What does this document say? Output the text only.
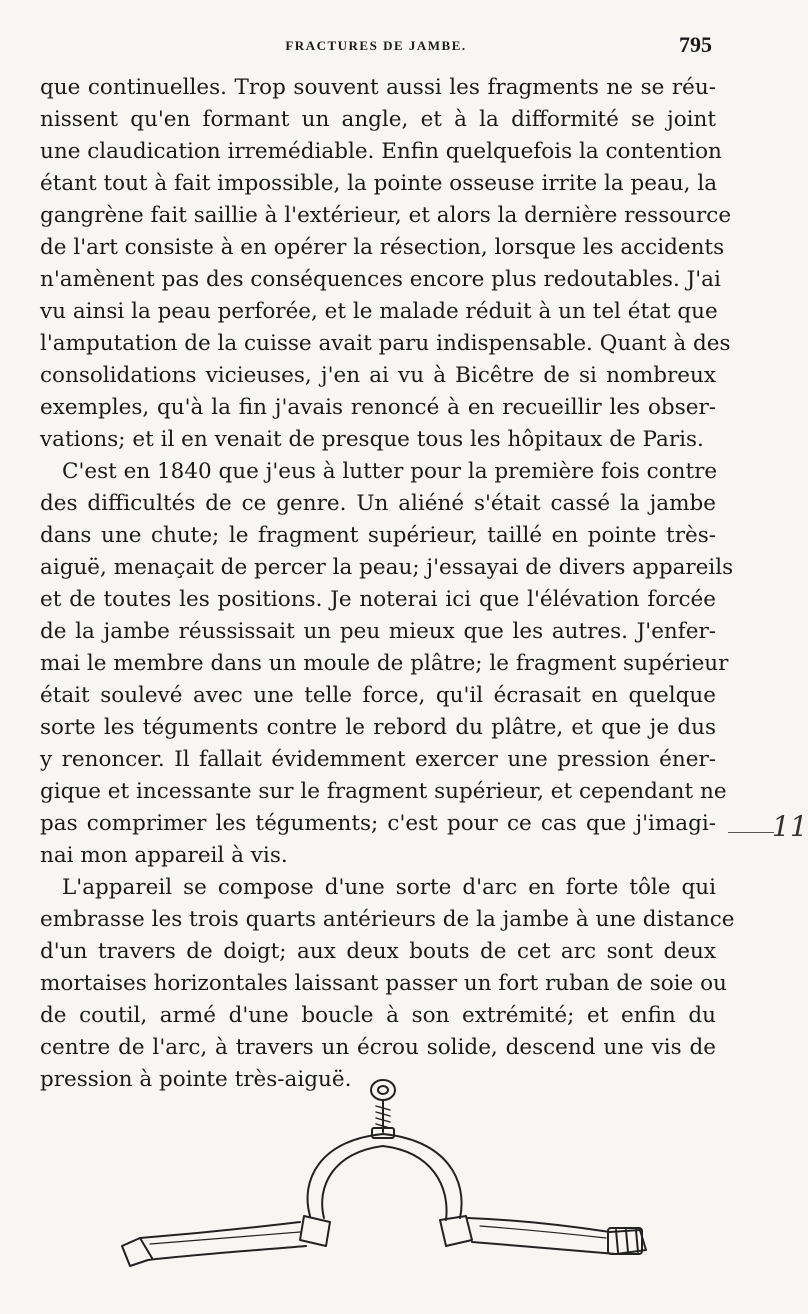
FRACTURES DE JAMBE.	795
que continuelles. Trop souvent aussi les fragments ne se réu-
nissent qu'en formant un angle, et à la difformité se joint
une claudication irremédiable. Enfin quelquefois la contention
étant tout à fait impossible, la pointe osseuse irrite la peau, la
gangrène fait saillie à l'extérieur, et alors la dernière ressource
de l'art consiste à en opérer la résection, lorsque les accidents
n'amènent pas des conséquences encore plus redoutables. J'ai
vu ainsi la peau perforée, et le malade réduit à un tel état que
l'amputation de la cuisse avait paru indispensable. Quant à des
consolidations vicieuses, j'en ai vu à Bicêtre de si nombreux
exemples, qu'à la fin j'avais renoncé à en recueillir les obser-
vations; et il en venait de presque tous les hôpitaux de Paris.
C'est en 1840 que j'eus à lutter pour la première fois contre
des difficultés de ce genre. Un aliéné s'était cassé la jambe
dans une chute; le fragment supérieur, taillé en pointe très-
aiguë, menaçait de percer la peau; j'essayai de divers appareils
et de toutes les positions. Je noterai ici que l'élévation forcée
de la jambe réussissait un peu mieux que les autres. J'enfer-
mai le membre dans un moule de plâtre; le fragment supérieur
était soulevé avec une telle force, qu'il écrasait en quelque
sorte les téguments contre le rebord du plâtre, et que je dus
y renoncer. Il fallait évidemment exercer une pression éner-
gique et incessante sur le fragment supérieur, et cependant ne
pas comprimer les téguments; c'est pour ce cas que j'imagi-
nai mon appareil à vis.
L'appareil se compose d'une sorte d'arc en forte tôle qui
embrasse les trois quarts antérieurs de la jambe à une distance
d'un travers de doigt; aux deux bouts de cet arc sont deux
mortaises horizontales laissant passer un fort ruban de soie ou
de coutil, armé d'une boucle à son extrémité; et enfin du
centre de l'arc, à travers un écrou solide, descend une vis de
pression à pointe très-aiguë.
11
